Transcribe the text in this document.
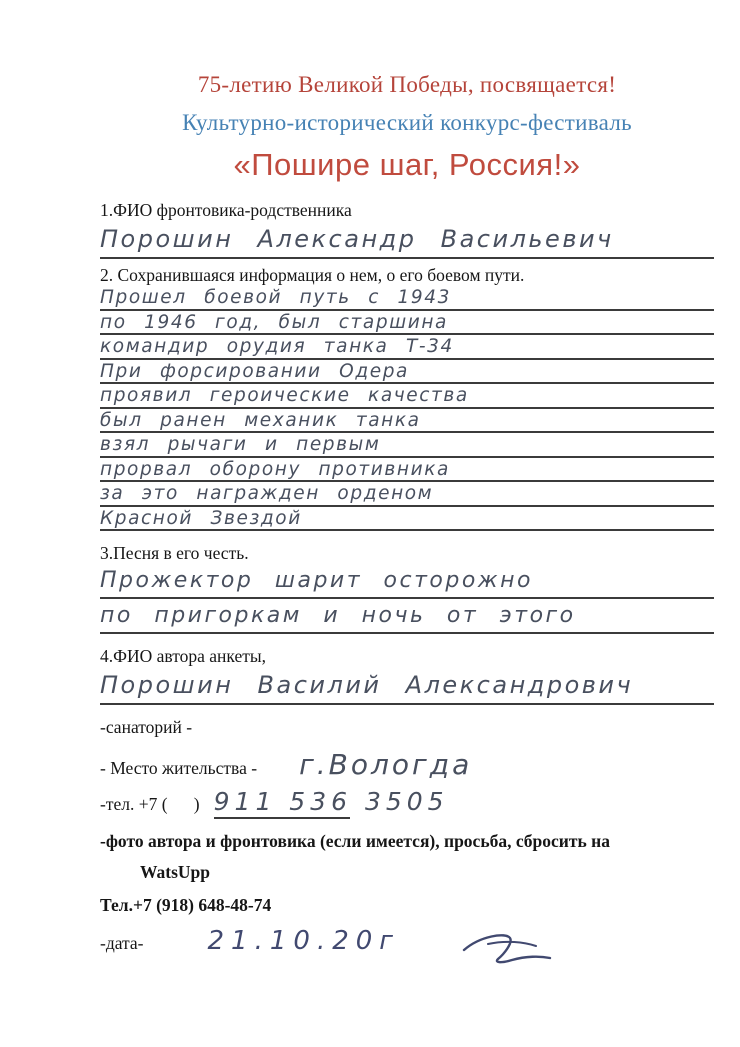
75-летию Великой Победы, посвящается!
Культурно-исторический конкурс-фестиваль
«Пошире шаг, Россия!»
1.ФИО фронтовика-родственника
Порошин Александр Васильевич
2. Сохранившаяся информация о нем, о его боевом пути.
Прошел боевой путь с 1943
по 1946 год, был старшина
командир орудия танка Т-34
При форсировании Одера
проявил героические качества
был ранен механик танка
взял рычаги и первым
прорвал оборону противника
за это награжден орденом
Красной Звездой
3.Песня в его честь.
Прожектор шарит осторожно
по пригоркам и ночь от этого
4.ФИО автора анкеты,
Порошин Василий Александрович
-санаторий -
- Место жительства - г.Вологда
-тел. +7 (      ) 911 536 3505
-фото автора и фронтовика (если имеется), просьба, сбросить на
WatsUpp
Тел.+7 (918) 648-48-74
-дата- 21.10.20г
